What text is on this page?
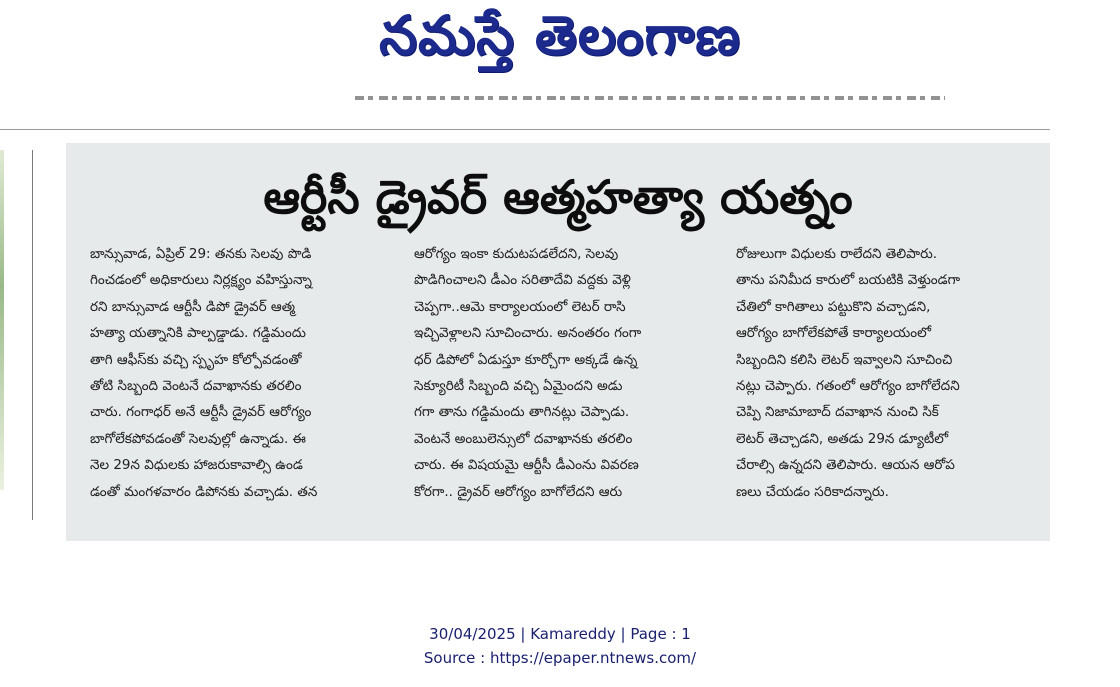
నమస్తే తెలంగాణ
ఆర్టీసీ డ్రైవర్ ఆత్మహత్యా యత్నం
బాన్సువాడ, ఏప్రిల్ 29: తనకు సెలవు పొడి
గించడంలో అధికారులు నిర్లక్ష్యం వహిస్తున్నా
రని బాన్సువాడ ఆర్టీసీ డిపో డ్రైవర్ ఆత్మ
హత్యా యత్నానికి పాల్పడ్డాడు. గడ్డిమందు
తాగి ఆఫీస్‌కు వచ్చి స్పృహ కోల్పోవడంతో
తోటి సిబ్బంది వెంటనే దవాఖానకు తరలిం
చారు. గంగాధర్ అనే ఆర్టీసీ డ్రైవర్ ఆరోగ్యం
బాగోలేకపోవడంతో సెలవుల్లో ఉన్నాడు. ఈ
నెల 29న విధులకు హాజరుకావాల్సి ఉండ
డంతో మంగళవారం డిపోనకు వచ్చాడు. తన
ఆరోగ్యం ఇంకా కుదుటపడలేదని, సెలవు
పొడిగించాలని డీఎం సరితాదేవి వద్దకు వెళ్లి
చెప్పగా..ఆమె కార్యాలయంలో లెటర్ రాసి
ఇచ్చివెళ్లాలని సూచించారు. అనంతరం గంగా
ధర్ డిపోలో ఏడుస్తూ కూర్చోగా అక్కడే ఉన్న
సెక్యూరిటీ సిబ్బంది వచ్చి ఏమైందని అడు
గగా తాను గడ్డిమందు తాగినట్లు చెప్పాడు.
వెంటనే అంబులెన్సులో దవాఖానకు తరలిం
చారు. ఈ విషయమై ఆర్టీసీ డీఎంను వివరణ
కోరగా.. డ్రైవర్ ఆరోగ్యం బాగోలేదని ఆరు
రోజులుగా విధులకు రాలేదని తెలిపారు.
తాను పనిమీద కారులో బయటికి వెళ్తుండగా
చేతిలో కాగితాలు పట్టుకొని వచ్చాడని,
ఆరోగ్యం బాగోలేకపోతే కార్యాలయంలో
సిబ్బందిని కలిసి లెటర్ ఇవ్వాలని సూచించి
నట్లు చెప్పారు. గతంలో ఆరోగ్యం బాగోలేదని
చెప్పి నిజామాబాద్ దవాఖాన నుంచి సిక్
లెటర్ తెచ్చాడని, అతడు 29న డ్యూటీలో
చేరాల్సి ఉన్నదని తెలిపారు. ఆయన ఆరోప
ణలు చేయడం సరికాదన్నారు.
30/04/2025 | Kamareddy | Page : 1
Source : https://epaper.ntnews.com/
